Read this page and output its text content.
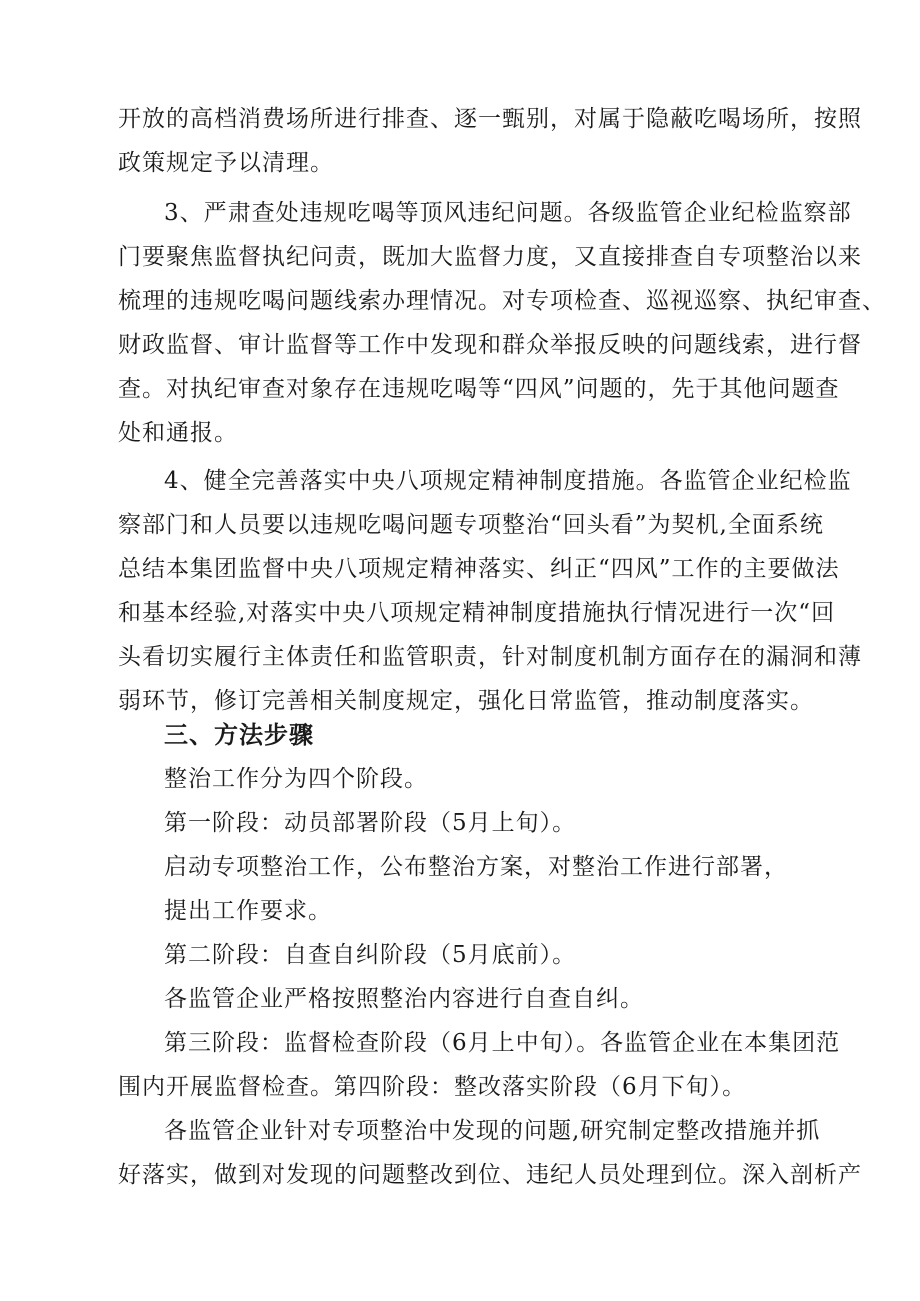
开放的高档消费场所进行排查、逐一甄别，对属于隐蔽吃喝场所，按照
政策规定予以清理。
3、严肃查处违规吃喝等顶风违纪问题。各级监管企业纪检监察部
门要聚焦监督执纪问责，既加大监督力度，又直接排查自专项整治以来
梳理的违规吃喝问题线索办理情况。对专项检查、巡视巡察、执纪审查、
财政监督、审计监督等工作中发现和群众举报反映的问题线索，进行督
查。对执纪审查对象存在违规吃喝等“四风”问题的，先于其他问题查
处和通报。
4、健全完善落实中央八项规定精神制度措施。各监管企业纪检监
察部门和人员要以违规吃喝问题专项整治“回头看”为契机,全面系统
总结本集团监督中央八项规定精神落实、纠正“四风”工作的主要做法
和基本经验,对落实中央八项规定精神制度措施执行情况进行一次“回
头看切实履行主体责任和监管职责，针对制度机制方面存在的漏洞和薄
弱环节，修订完善相关制度规定，强化日常监管，推动制度落实。
三、方法步骤
整治工作分为四个阶段。
第一阶段：动员部署阶段（5月上旬）。
启动专项整治工作，公布整治方案，对整治工作进行部署，
提出工作要求。
第二阶段：自查自纠阶段（5月底前）。
各监管企业严格按照整治内容进行自查自纠。
第三阶段：监督检查阶段（6月上中旬）。各监管企业在本集团范
围内开展监督检查。第四阶段：整改落实阶段（6月下旬）。
各监管企业针对专项整治中发现的问题,研究制定整改措施并抓
好落实，做到对发现的问题整改到位、违纪人员处理到位。深入剖析产
